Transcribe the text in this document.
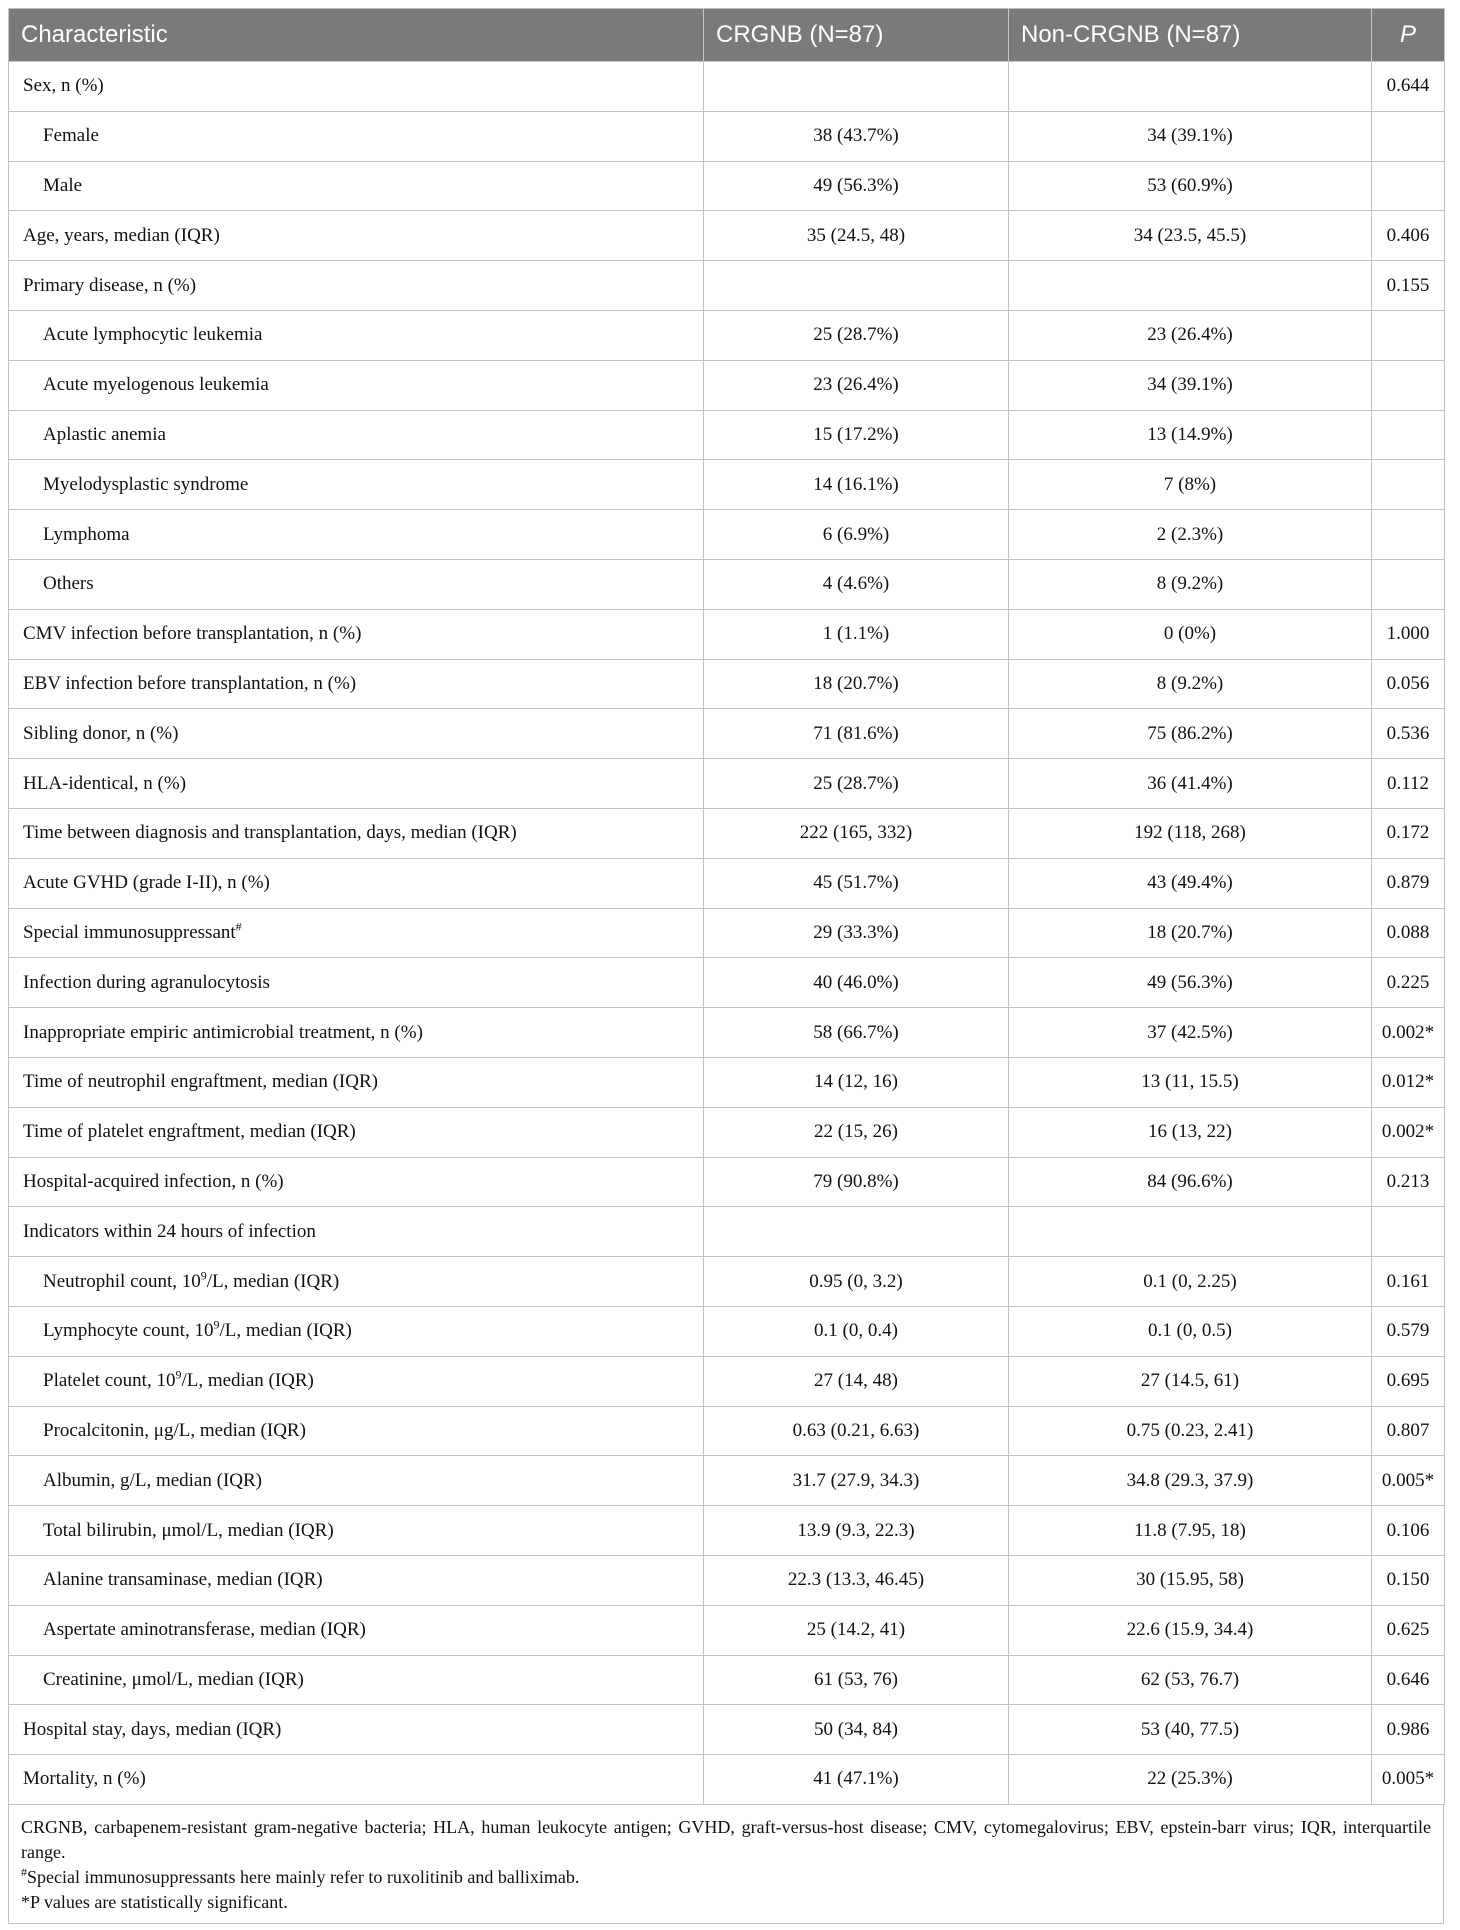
Characteristic	CRGNB (N=87)	Non-CRGNB (N=87)	P
Sex, n (%)			0.644
Female	38 (43.7%)	34 (39.1%)	
Male	49 (56.3%)	53 (60.9%)	
Age, years, median (IQR)	35 (24.5, 48)	34 (23.5, 45.5)	0.406
Primary disease, n (%)			0.155
Acute lymphocytic leukemia	25 (28.7%)	23 (26.4%)	
Acute myelogenous leukemia	23 (26.4%)	34 (39.1%)	
Aplastic anemia	15 (17.2%)	13 (14.9%)	
Myelodysplastic syndrome	14 (16.1%)	7 (8%)	
Lymphoma	6 (6.9%)	2 (2.3%)	
Others	4 (4.6%)	8 (9.2%)	
CMV infection before transplantation, n (%)	1 (1.1%)	0 (0%)	1.000
EBV infection before transplantation, n (%)	18 (20.7%)	8 (9.2%)	0.056
Sibling donor, n (%)	71 (81.6%)	75 (86.2%)	0.536
HLA-identical, n (%)	25 (28.7%)	36 (41.4%)	0.112
Time between diagnosis and transplantation, days, median (IQR)	222 (165, 332)	192 (118, 268)	0.172
Acute GVHD (grade I-II), n (%)	45 (51.7%)	43 (49.4%)	0.879
Special immunosuppressant#	29 (33.3%)	18 (20.7%)	0.088
Infection during agranulocytosis	40 (46.0%)	49 (56.3%)	0.225
Inappropriate empiric antimicrobial treatment, n (%)	58 (66.7%)	37 (42.5%)	0.002*
Time of neutrophil engraftment, median (IQR)	14 (12, 16)	13 (11, 15.5)	0.012*
Time of platelet engraftment, median (IQR)	22 (15, 26)	16 (13, 22)	0.002*
Hospital-acquired infection, n (%)	79 (90.8%)	84 (96.6%)	0.213
Indicators within 24 hours of infection			
Neutrophil count, $10^9/L$, median (IQR)	0.95 (0, 3.2)	0.1 (0, 2.25)	0.161
Lymphocyte count, $10^9/L$, median (IQR)	0.1 (0, 0.4)	0.1 (0, 0.5)	0.579
Platelet count, $10^9/L$, median (IQR)	27 (14, 48)	27 (14.5, 61)	0.695
Procalcitonin, μg/L, median (IQR)	0.63 (0.21, 6.63)	0.75 (0.23, 2.41)	0.807
Albumin, g/L, median (IQR)	31.7 (27.9, 34.3)	34.8 (29.3, 37.9)	0.005*
Total bilirubin, μmol/L, median (IQR)	13.9 (9.3, 22.3)	11.8 (7.95, 18)	0.106
Alanine transaminase, median (IQR)	22.3 (13.3, 46.45)	30 (15.95, 58)	0.150
Aspertate aminotransferase, median (IQR)	25 (14.2, 41)	22.6 (15.9, 34.4)	0.625
Creatinine, μmol/L, median (IQR)	61 (53, 76)	62 (53, 76.7)	0.646
Hospital stay, days, median (IQR)	50 (34, 84)	53 (40, 77.5)	0.986
Mortality, n (%)	41 (47.1%)	22 (25.3%)	0.005*

CRGNB, carbapenem-resistant gram-negative bacteria; HLA, human leukocyte antigen; GVHD, graft-versus-host disease; CMV, cytomegalovirus; EBV, epstein-barr virus; IQR, interquartile range.

#Special immunosuppressants here mainly refer to ruxolitinib and balliximab.

*P values are statistically significant.
